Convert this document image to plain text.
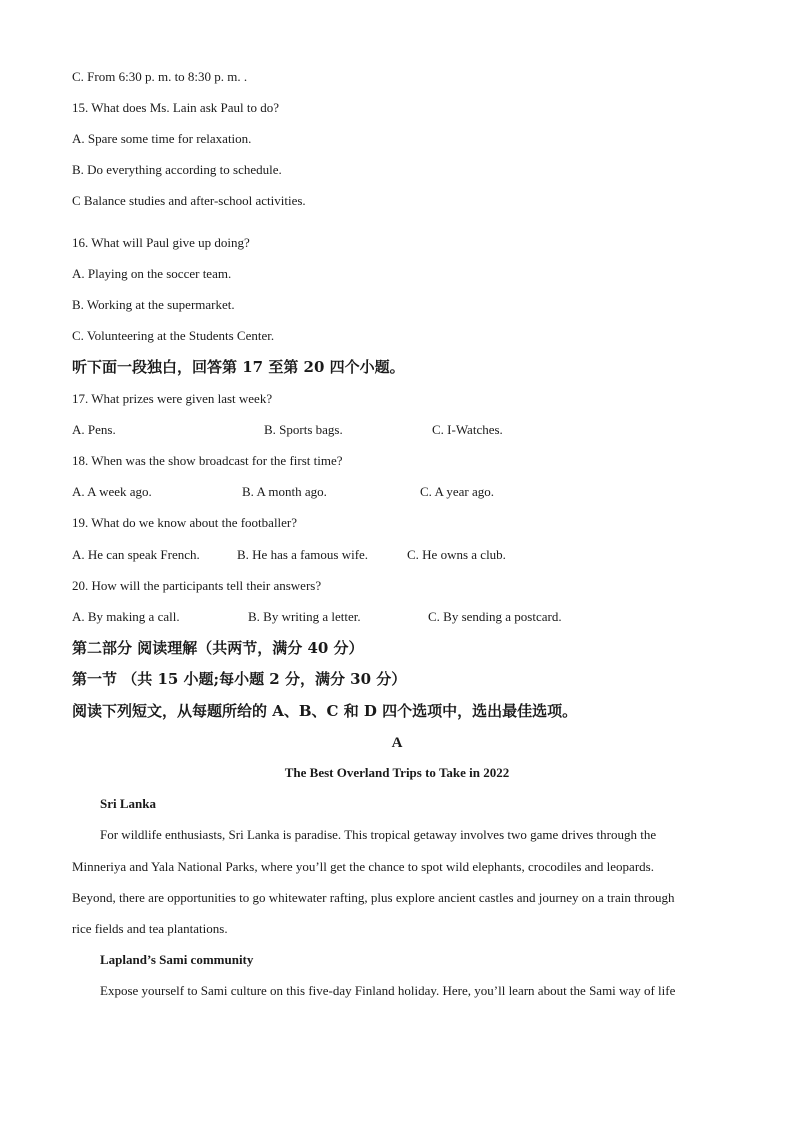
C. From 6:30 p. m. to 8:30 p. m. .
15. What does Ms. Lain ask Paul to do?
A. Spare some time for relaxation.
B. Do everything according to schedule.
C Balance studies and after-school activities.
16. What will Paul give up doing?
A. Playing on the soccer team.
B. Working at the supermarket.
C. Volunteering at the Students Center.
听下面一段独白，回答第 17 至第 20 四个小题。
17. What prizes were given last week?
A. Pens.	B. Sports bags.	C. I-Watches.
18. When was the show broadcast for the first time?
A. A week ago.	B. A month ago.	C. A year ago.
19. What do we know about the footballer?
A. He can speak French.	B. He has a famous wife.	C. He owns a club.
20. How will the participants tell their answers?
A. By making a call.	B. By writing a letter.	C. By sending a postcard.
第二部分 阅读理解（共两节，满分 40 分）
第一节 （共 15 小题;每小题 2 分，满分 30 分）
阅读下列短文，从每题所给的 A、B、C 和 D 四个选项中，选出最佳选项。
A
The Best Overland Trips to Take in 2022
Sri Lanka
For wildlife enthusiasts, Sri Lanka is paradise. This tropical getaway involves two game drives through the
Minneriya and Yala National Parks, where you’ll get the chance to spot wild elephants, crocodiles and leopards.
Beyond, there are opportunities to go whitewater rafting, plus explore ancient castles and journey on a train through
rice fields and tea plantations.
Lapland’s Sami community
Expose yourself to Sami culture on this five-day Finland holiday. Here, you’ll learn about the Sami way of life
